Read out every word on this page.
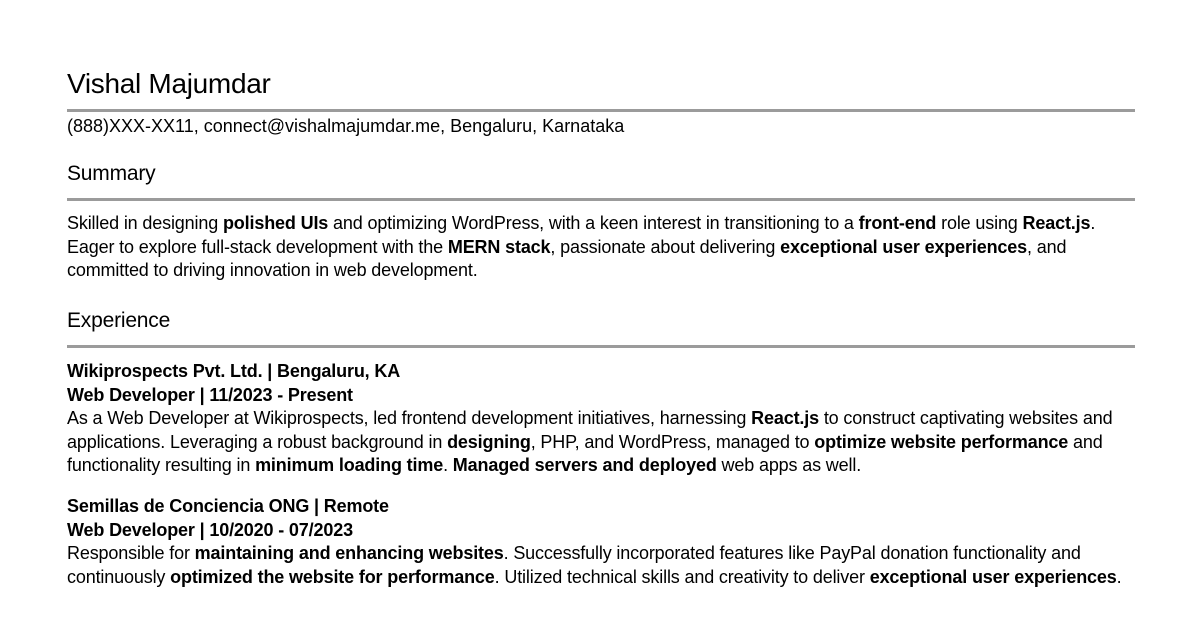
Vishal Majumdar
(888)XXX-XX11, connect@vishalmajumdar.me, Bengaluru, Karnataka
Summary
Skilled in designing polished UIs and optimizing WordPress, with a keen interest in transitioning to a front-end role using React.js. Eager to explore full-stack development with the MERN stack, passionate about delivering exceptional user experiences, and committed to driving innovation in web development.
Experience
Wikiprospects Pvt. Ltd. | Bengaluru, KA
Web Developer | 11/2023 - Present
As a Web Developer at Wikiprospects, led frontend development initiatives, harnessing React.js to construct captivating websites and applications. Leveraging a robust background in designing, PHP, and WordPress, managed to optimize website performance and functionality resulting in minimum loading time. Managed servers and deployed web apps as well.
Semillas de Conciencia ONG | Remote
Web Developer | 10/2020 - 07/2023
Responsible for maintaining and enhancing websites. Successfully incorporated features like PayPal donation functionality and continuously optimized the website for performance. Utilized technical skills and creativity to deliver exceptional user experiences.
